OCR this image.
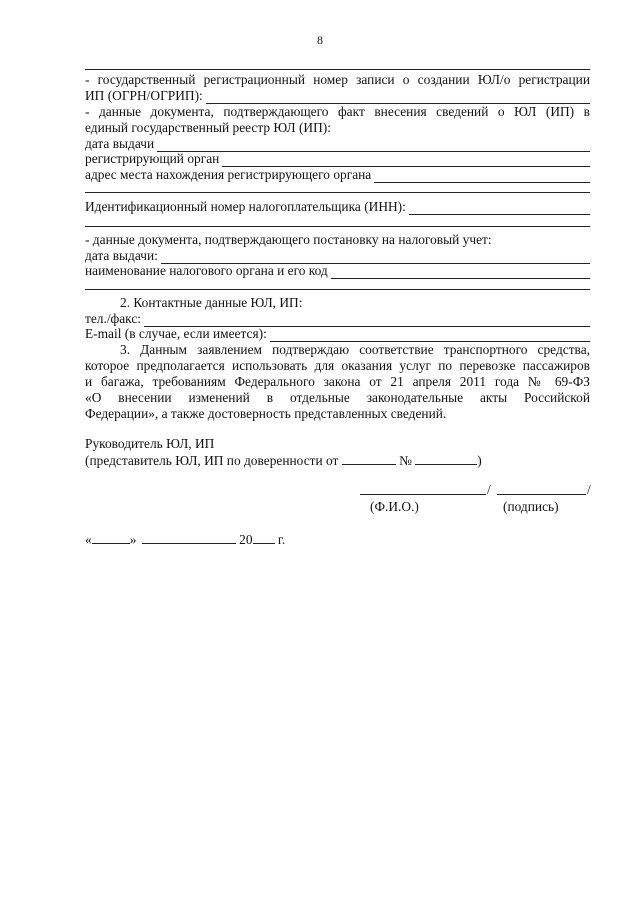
8
- государственный регистрационный номер записи о создании ЮЛ/о регистрации
ИП (ОГРН/ОГРИП):
- данные документа, подтверждающего факт внесения сведений о ЮЛ (ИП) в
единый государственный реестр ЮЛ (ИП):
дата выдачи
регистрирующий орган
адрес места нахождения регистрирующего органа
Идентификационный номер налогоплательщика (ИНН):
- данные документа, подтверждающего постановку на налоговый учет:
дата выдачи:
наименование налогового органа и его код
2. Контактные данные ЮЛ, ИП:
тел./факс:
E-mail (в случае, если имеется):
3. Данным заявлением подтверждаю соответствие транспортного средства,
которое предполагается использовать для оказания услуг по перевозке пассажиров
и багажа, требованиям Федерального закона от 21 апреля 2011 года № 69-ФЗ
«О внесении изменений в отдельные законодательные акты Российской
Федерации», а также достоверность представленных сведений.
Руководитель ЮЛ, ИП
(представитель ЮЛ, ИП по доверенности от	№	)
/	/
(Ф.И.О.)	(подпись)
«	»	20 г.
